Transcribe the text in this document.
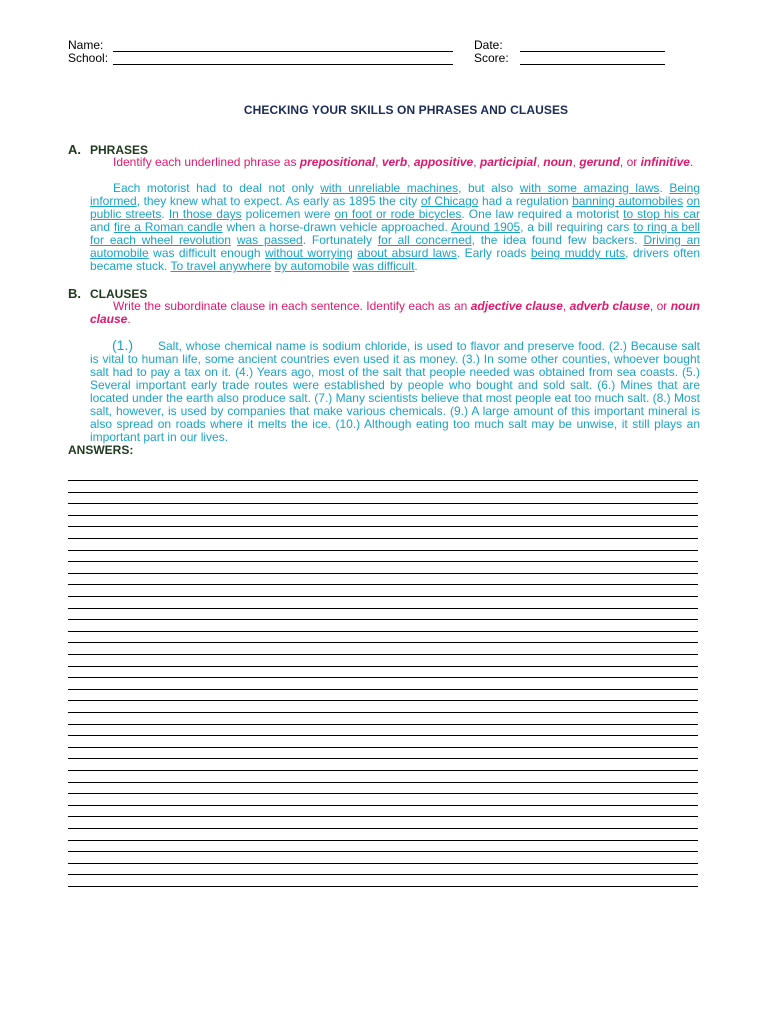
Name:
School:
Date:
Score:
CHECKING YOUR SKILLS ON PHRASES AND CLAUSES
A. PHRASES
Identify each underlined phrase as prepositional, verb, appositive, participial, noun, gerund, or infinitive.
Each motorist had to deal not only with unreliable machines, but also with some amazing laws. Being informed, they knew what to expect. As early as 1895 the city of Chicago had a regulation banning automobiles on public streets. In those days policemen were on foot or rode bicycles. One law required a motorist to stop his car and fire a Roman candle when a horse-drawn vehicle approached. Around 1905, a bill requiring cars to ring a bell for each wheel revolution was passed. Fortunately for all concerned, the idea found few backers. Driving an automobile was difficult enough without worrying about absurd laws. Early roads being muddy ruts, drivers often became stuck. To travel anywhere by automobile was difficult.
B. CLAUSES
Write the subordinate clause in each sentence. Identify each as an adjective clause, adverb clause, or noun clause.
(1.) Salt, whose chemical name is sodium chloride, is used to flavor and preserve food. (2.) Because salt is vital to human life, some ancient countries even used it as money. (3.) In some other counties, whoever bought salt had to pay a tax on it. (4.) Years ago, most of the salt that people needed was obtained from sea coasts. (5.) Several important early trade routes were established by people who bought and sold salt. (6.) Mines that are located under the earth also produce salt. (7.) Many scientists believe that most people eat too much salt. (8.) Most salt, however, is used by companies that make various chemicals. (9.) A large amount of this important mineral is also spread on roads where it melts the ice. (10.) Although eating too much salt may be unwise, it still plays an important part in our lives.
ANSWERS:
